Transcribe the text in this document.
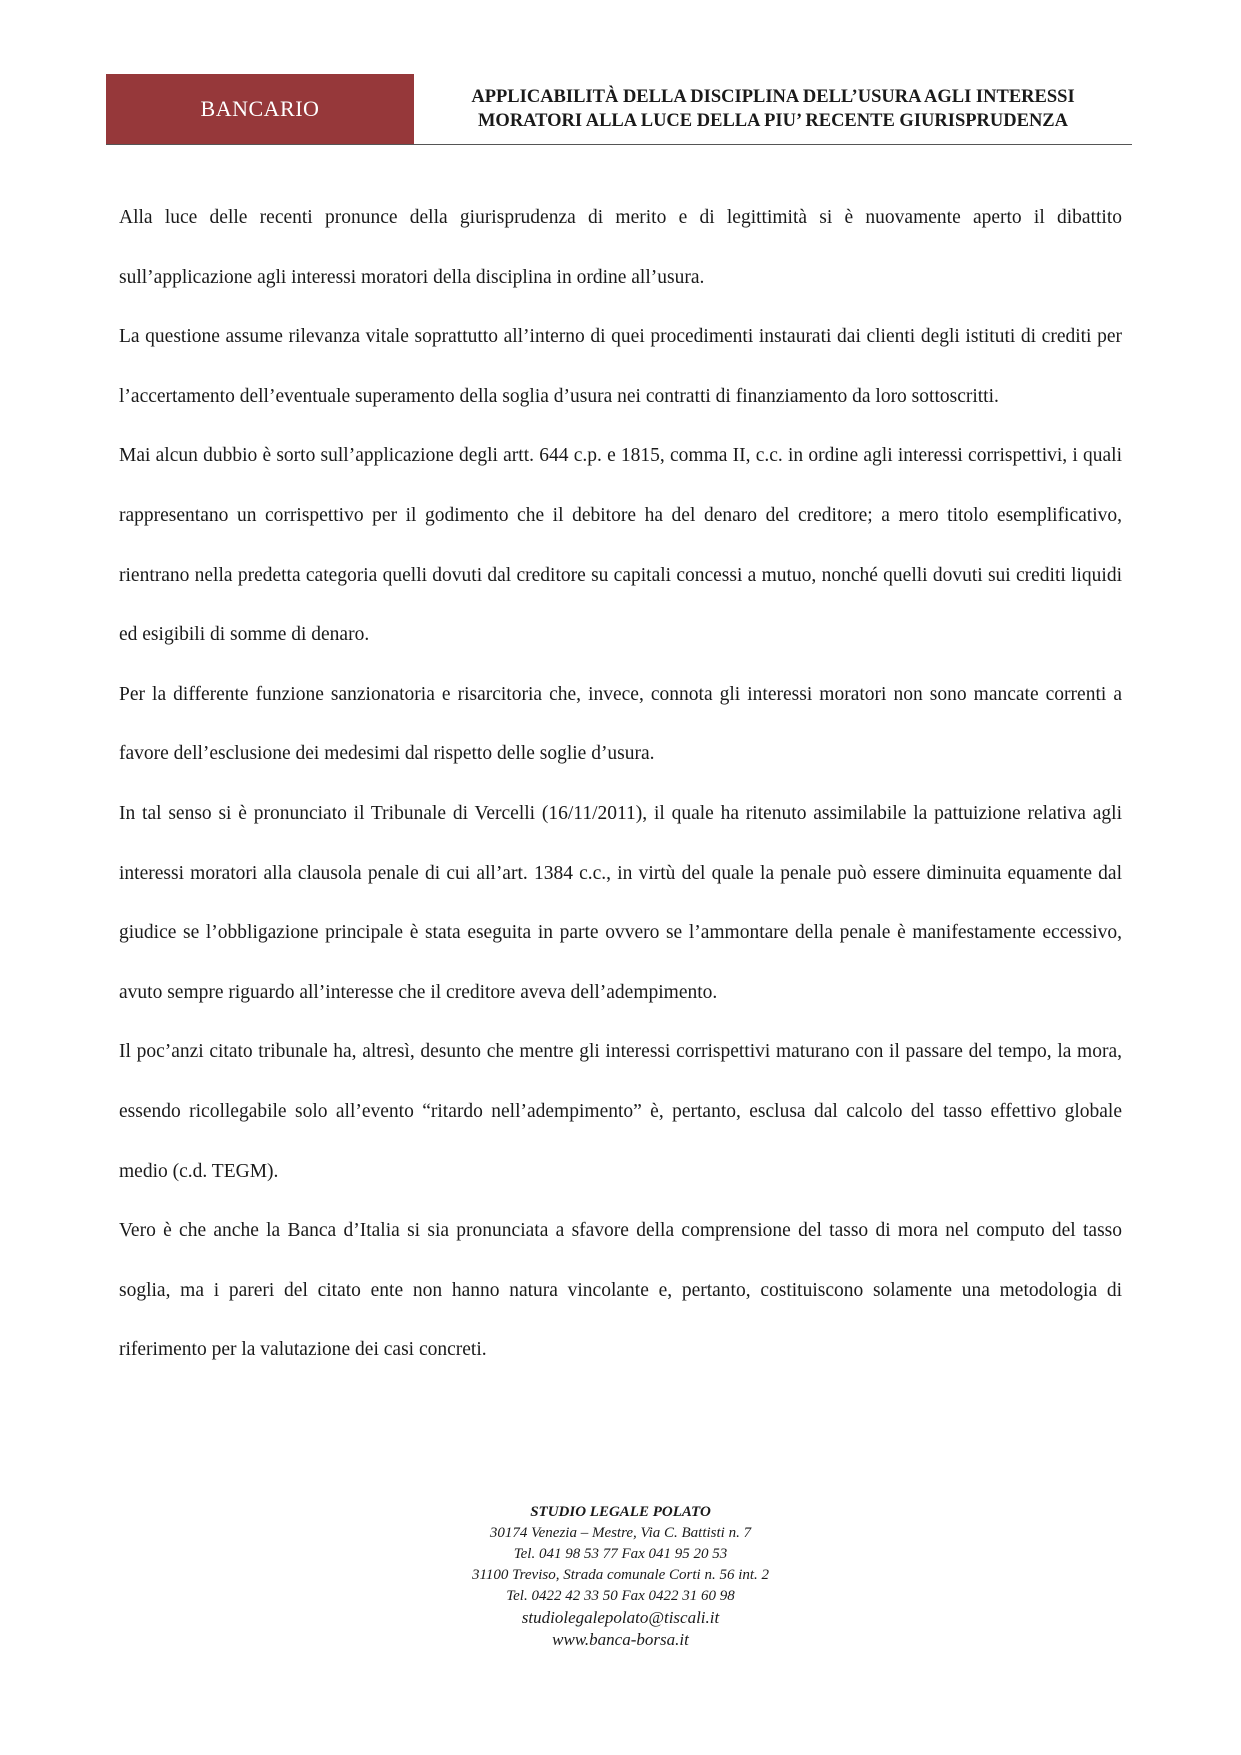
BANCARIO	APPLICABILITÀ DELLA DISCIPLINA DELL’USURA AGLI INTERESSI
MORATORI ALLA LUCE DELLA PIU’ RECENTE GIURISPRUDENZA

Alla luce delle recenti pronunce della giurisprudenza di merito e di legittimità si è nuovamente aperto il dibattito sull’applicazione agli interessi moratori della disciplina in ordine all’usura.

La questione assume rilevanza vitale soprattutto all’interno di quei procedimenti instaurati dai clienti degli istituti di crediti per l’accertamento dell’eventuale superamento della soglia d’usura nei contratti di finanziamento da loro sottoscritti.

Mai alcun dubbio è sorto sull’applicazione degli artt. 644 c.p. e 1815, comma II, c.c. in ordine agli interessi corrispettivi, i quali rappresentano un corrispettivo per il godimento che il debitore ha del denaro del creditore; a mero titolo esemplificativo, rientrano nella predetta categoria quelli dovuti dal creditore su capitali concessi a mutuo, nonché quelli dovuti sui crediti liquidi ed esigibili di somme di denaro.

Per la differente funzione sanzionatoria e risarcitoria che, invece, connota gli interessi moratori non sono mancate correnti a favore dell’esclusione dei medesimi dal rispetto delle soglie d’usura.

In tal senso si è pronunciato il Tribunale di Vercelli (16/11/2011), il quale ha ritenuto assimilabile la pattuizione relativa agli interessi moratori alla clausola penale di cui all’art. 1384 c.c., in virtù del quale la penale può essere diminuita equamente dal giudice se l’obbligazione principale è stata eseguita in parte ovvero se l’ammontare della penale è manifestamente eccessivo, avuto sempre riguardo all’interesse che il creditore aveva dell’adempimento.

Il poc’anzi citato tribunale ha, altresì, desunto che mentre gli interessi corrispettivi maturano con il passare del tempo, la mora, essendo ricollegabile solo all’evento “ritardo nell’adempimento” è, pertanto, esclusa dal calcolo del tasso effettivo globale medio (c.d. TEGM).

Vero è che anche la Banca d’Italia si sia pronunciata a sfavore della comprensione del tasso di mora nel computo del tasso soglia, ma i pareri del citato ente non hanno natura vincolante e, pertanto, costituiscono solamente una metodologia di riferimento per la valutazione dei casi concreti.

STUDIO LEGALE POLATO
30174 Venezia – Mestre, Via C. Battisti n. 7
Tel. 041 98 53 77 Fax 041 95 20 53
31100 Treviso, Strada comunale Corti n. 56 int. 2
Tel. 0422 42 33 50 Fax 0422 31 60 98
studiolegalepolato@tiscali.it
www.banca-borsa.it
